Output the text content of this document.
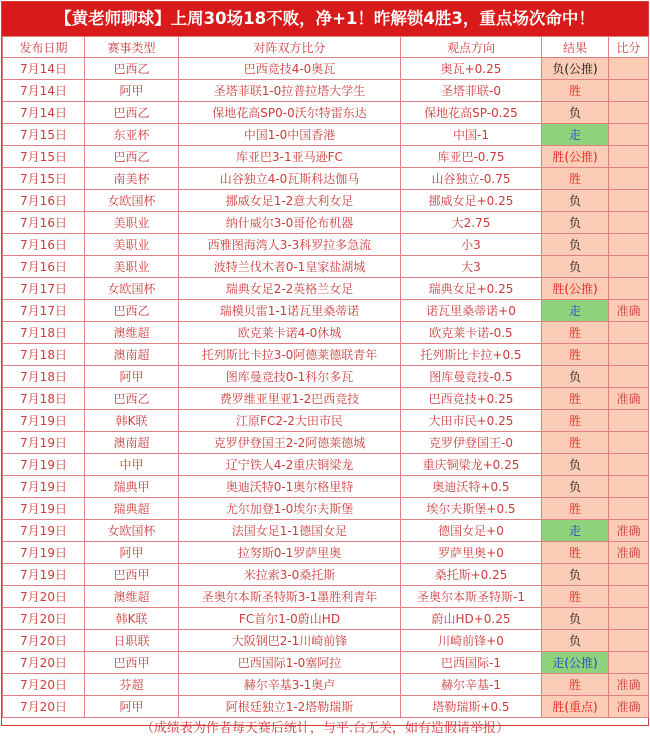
【黄老师聊球】上周30场18不败，净+1！昨解锁4胜3，重点场次命中！
发布日期	赛事类型	对阵双方比分	观点方向	结果	比分
7月14日	巴西乙	巴西竞技4-0奥瓦	奥瓦+0.25	负(公推)	
7月14日	阿甲	圣塔菲联1-0拉普拉塔大学生	圣塔菲联-0	胜	
7月14日	巴西乙	保地花高SP0-0沃尔特雷东达	保地花高SP-0.25	负	
7月15日	东亚杯	中国1-0中国香港	中国-1	走	
7月15日	巴西乙	库亚巴3-1亚马逊FC	库亚巴-0.75	胜(公推)	
7月15日	南美杯	山谷独立4-0瓦斯科达伽马	山谷独立-0.75	胜	
7月16日	女欧国杯	挪威女足1-2意大利女足	挪威女足+0.25	负	
7月16日	美职业	纳什威尔3-0哥伦布机器	大2.75	负	
7月16日	美职业	西雅图海湾人3-3科罗拉多急流	小3	负	
7月16日	美职业	波特兰伐木者0-1皇家盐湖城	大3	负	
7月17日	女欧国杯	瑞典女足2-2英格兰女足	瑞典女足+0.25	胜(公推)	
7月17日	巴西乙	瑞模贝雷1-1诺瓦里桑蒂诺	诺瓦里桑蒂诺+0	走	准确
7月18日	澳维超	欧克莱卡诺4-0休城	欧克莱卡诺-0.5	胜	
7月18日	澳南超	托列斯比卡拉3-0阿德莱德联青年	托列斯比卡拉+0.5	胜	
7月18日	阿甲	图库曼竞技0-1科尔多瓦	图库曼竞技-0.5	负	
7月18日	巴西乙	费罗维亚里亚1-2巴西竞技	巴西竞技+0.25	胜	准确
7月19日	韩K联	江原FC2-2大田市民	大田市民+0.25	胜	
7月19日	澳南超	克罗伊登国王2-2阿德莱德城	克罗伊登国王-0	胜	
7月19日	中甲	辽宁铁人4-2重庆铜梁龙	重庆铜梁龙+0.25	负	
7月19日	瑞典甲	奥迪沃特0-1奥尔格里特	奥迪沃特+0.5	负	
7月19日	瑞典超	尤尔加登1-0埃尔夫斯堡	埃尔夫斯堡+0.5	胜	
7月19日	女欧国杯	法国女足1-1德国女足	德国女足+0	走	准确
7月19日	阿甲	拉努斯0-1罗萨里奥	罗萨里奥+0	胜	准确
7月19日	巴西甲	米拉索3-0桑托斯	桑托斯+0.25	负	
7月20日	澳维超	圣奥尔本斯圣特斯3-1墨胜利青年	圣奥尔本斯圣特斯-1	胜	
7月20日	韩K联	FC首尔1-0蔚山HD	蔚山HD+0.25	负	
7月20日	日职联	大阪钢巴2-1川崎前锋	川崎前锋+0	负	
7月20日	巴西甲	巴西国际1-0塞阿拉	巴西国际-1	走(公推)	
7月20日	芬超	赫尔辛基3-1奥卢	赫尔辛基-1	胜	准确
7月20日	阿甲	阿根廷独立1-2塔勒瑞斯	塔勒瑞斯+0.5	胜(重点)	准确
（成绩表为作者每天赛后统计，与平.台无关，如有造假请举报）
